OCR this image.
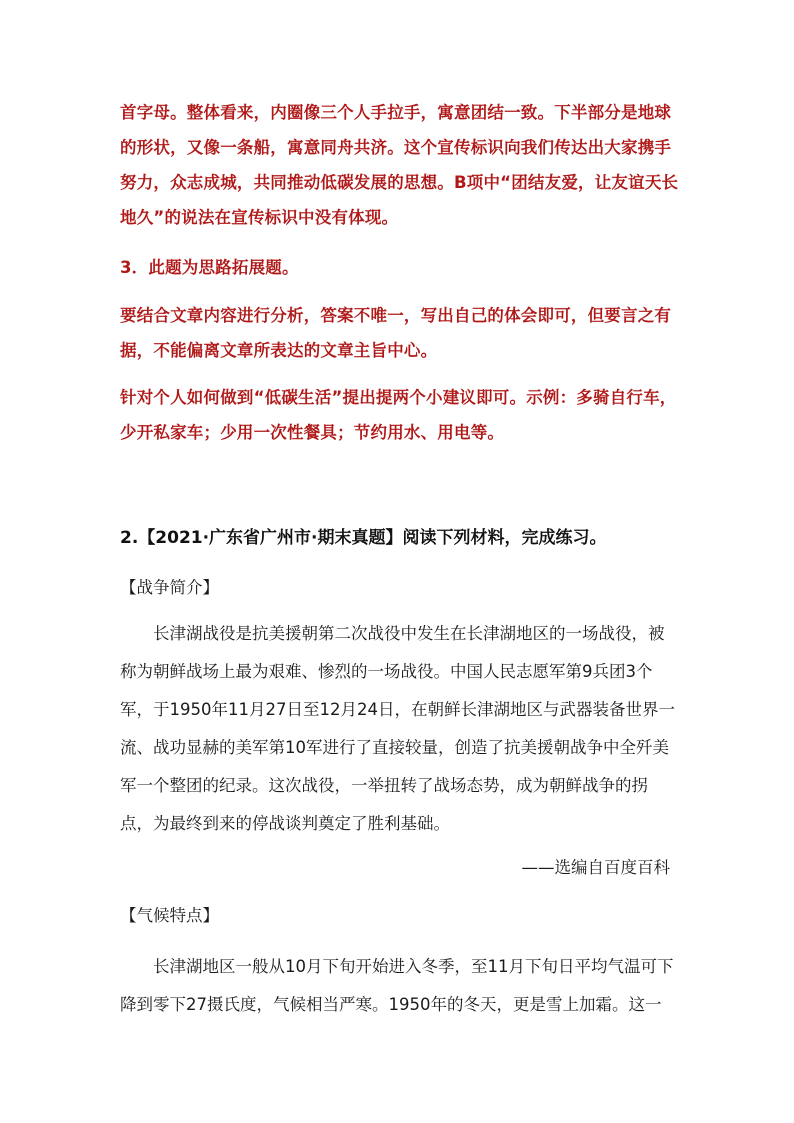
首字母。整体看来，内圈像三个人手拉手，寓意团结一致。下半部分是地球的形状，又像一条船，寓意同舟共济。这个宣传标识向我们传达出大家携手努力，众志成城，共同推动低碳发展的思想。B项中“团结友爱，让友谊天长地久”的说法在宣传标识中没有体现。
3．此题为思路拓展题。
要结合文章内容进行分析，答案不唯一，写出自己的体会即可，但要言之有据，不能偏离文章所表达的文章主旨中心。
针对个人如何做到“低碳生活”提出提两个小建议即可。示例：多骑自行车，少开私家车；少用一次性餐具；节约用水、用电等。
2.【2021·广东省广州市·期末真题】阅读下列材料，完成练习。
【战争简介】
长津湖战役是抗美援朝第二次战役中发生在长津湖地区的一场战役，被称为朝鲜战场上最为艰难、惨烈的一场战役。中国人民志愿军第9兵团3个军，于1950年11月27日至12月24日，在朝鲜长津湖地区与武器装备世界一流、战功显赫的美军第10军进行了直接较量，创造了抗美援朝战争中全歼美军一个整团的纪录。这次战役，一举扭转了战场态势，成为朝鲜战争的拐点，为最终到来的停战谈判奠定了胜利基础。
——选编自百度百科
【气候特点】
长津湖地区一般从10月下旬开始进入冬季，至11月下旬日平均气温可下降到零下27摄氏度，气候相当严寒。1950年的冬天，更是雪上加霜。这一
